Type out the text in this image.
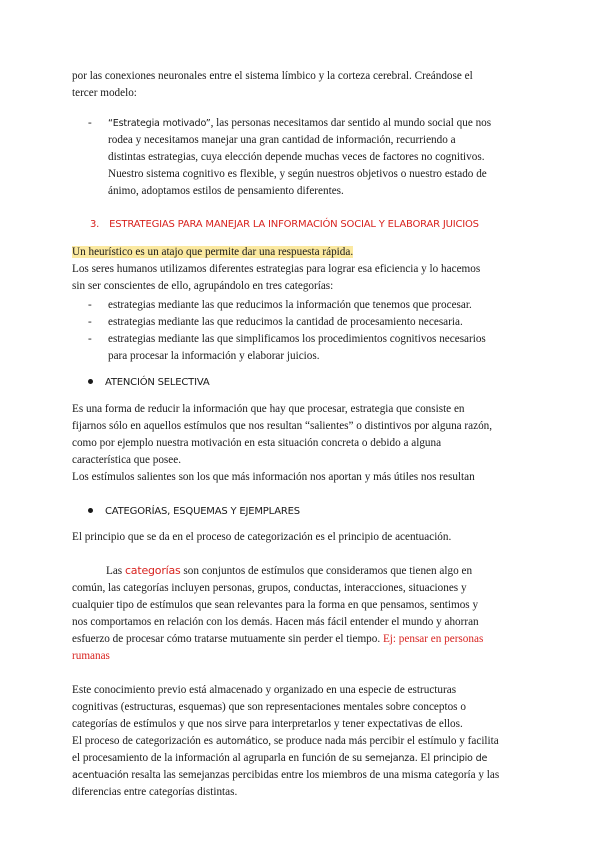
por las conexiones neuronales entre el sistema límbico y la corteza cerebral. Creándose el
tercer modelo:

- “Estrategia motivado”, las personas necesitamos dar sentido al mundo social que nos
rodea y necesitamos manejar una gran cantidad de información, recurriendo a
distintas estrategias, cuya elección depende muchas veces de factores no cognitivos.
Nuestro sistema cognitivo es flexible, y según nuestros objetivos o nuestro estado de
ánimo, adoptamos estilos de pensamiento diferentes.
3. ESTRATEGIAS PARA MANEJAR LA INFORMACIÓN SOCIAL Y ELABORAR JUICIOS

Un heurístico es un atajo que permite dar una respuesta rápida.

Los seres humanos utilizamos diferentes estrategias para lograr esa eficiencia y lo hacemos
sin ser conscientes de ello, agrupándolo en tres categorías:

- estrategias mediante las que reducimos la información que tenemos que procesar.
- estrategias mediante las que reducimos la cantidad de procesamiento necesaria.
- estrategias mediante las que simplificamos los procedimientos cognitivos necesarios
para procesar la información y elaborar juicios.
ATENCIÓN SELECTIVA

Es una forma de reducir la información que hay que procesar, estrategia que consiste en
fijarnos sólo en aquellos estímulos que nos resultan “salientes” o distintivos por alguna razón,
como por ejemplo nuestra motivación en esta situación concreta o debido a alguna
característica que posee.
Los estímulos salientes son los que más información nos aportan y más útiles nos resultan

CATEGORÍAS, ESQUEMAS Y EJEMPLARES

El principio que se da en el proceso de categorización es el principio de acentuación.

Las categorías son conjuntos de estímulos que consideramos que tienen algo en

común, las categorías incluyen personas, grupos, conductas, interacciones, situaciones y
cualquier tipo de estímulos que sean relevantes para la forma en que pensamos, sentimos y
nos comportamos en relación con los demás. Hacen más fácil entender el mundo y ahorran
esfuerzo de procesar cómo tratarse mutuamente sin perder el tiempo. Ej: pensar en personas
rumanas

Este conocimiento previo está almacenado y organizado en una especie de estructuras
cognitivas (estructuras, esquemas) que son representaciones mentales sobre conceptos o
categorías de estímulos y que nos sirve para interpretarlos y tener expectativas de ellos.
El proceso de categorización es automático, se produce nada más percibir el estímulo y facilita
el procesamiento de la información al agruparla en función de su semejanza. El principio de
acentuación resalta las semejanzas percibidas entre los miembros de una misma categoría y las
diferencias entre categorías distintas.
